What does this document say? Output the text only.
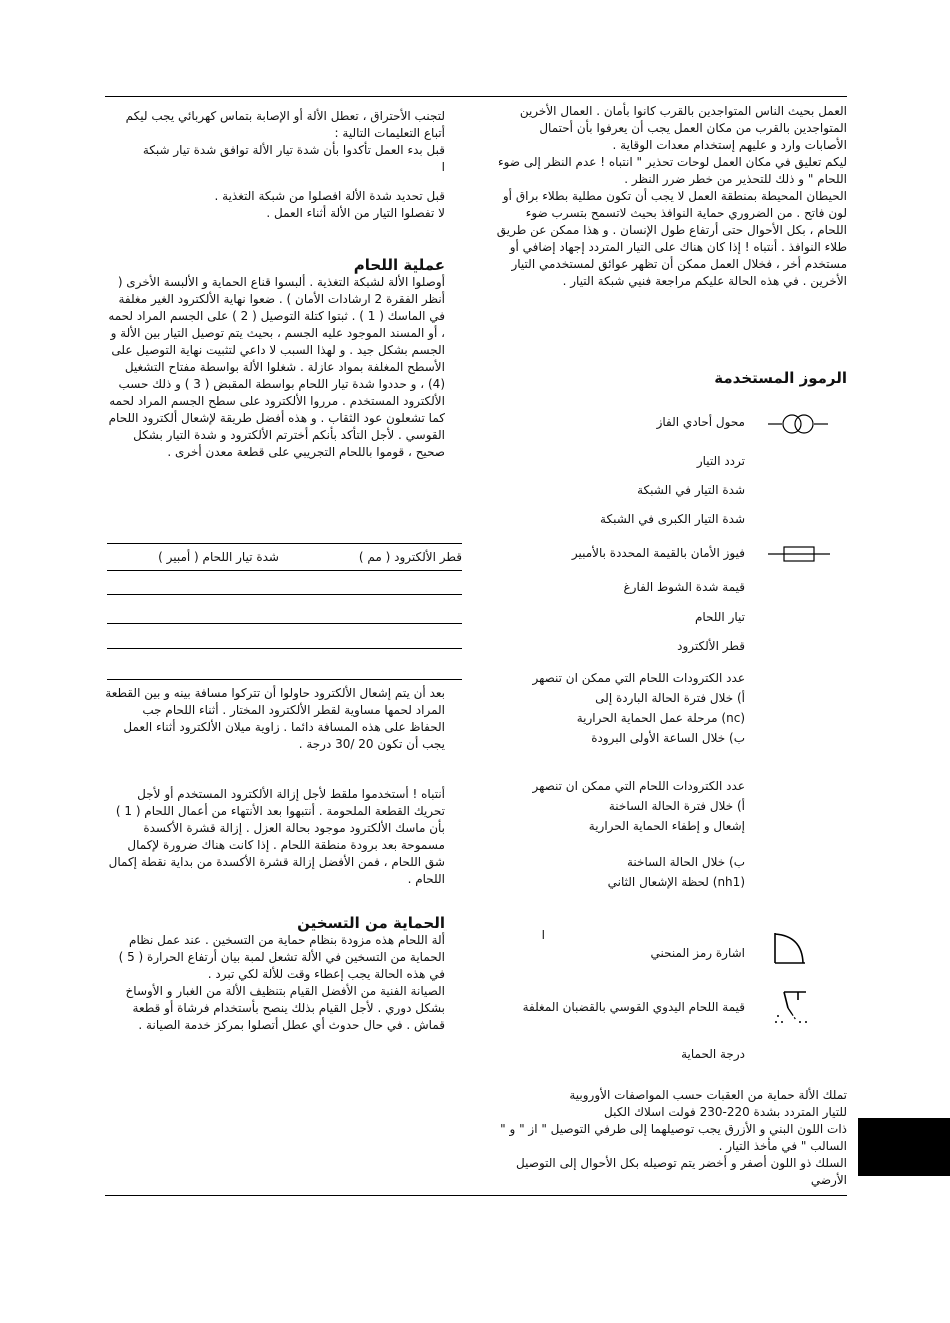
العمل بحيث الناس المتواجدين بالقرب كانوا بأمان . العمال الأخرين المتواجدين بالقرب من مكان العمل يجب أن يعرفوا بأن أحتمال الأصابات وارد و عليهم إستخدام معدات الوقاية .

ليكم تعليق في مكان العمل لوحات تحذير " انتباه ! عدم النظر إلى ضوء اللحام " و ذلك للتحذير من خطر ضرر النظر .

الحيطان المحيطة بمنطقة العمل لا يجب أن تكون مطلية بطلاء براق أو لون فاتح . من الضروري حماية النوافذ بحيث لاتسمح بتسرب ضوء اللحام ، بكل الأحوال حتى أرتفاع طول الإنسان . و هذا ممكن عن طريق طلاء النوافذ . أنتباه ! إذا كان هناك على التيار المتردد إجهاد إضافي أو مستخدم أخر ، فخلال العمل ممكن أن تظهر عوائق لمستخدمي التيار الأخرين . في هذه الحالة عليكم مراجعة فنيي شبكة التيار .

الرموز المستخدمة

محول أحادي الفاز
تردد التيار
شدة التيار في الشبكة
شدة التيار الكبرى في الشبكة
فيوز الأمان بالقيمة المحددة بالأمبير
قيمة شدة الشوط الفارغ
تيار اللحام
قطر الألكترود
عدد الكترودات اللحام التي ممكن ان تنصهر
أ) خلال فترة الحالة الباردة إلى
(nc) مرحلة عمل الحماية الحرارية
ب) خلال الساعة الأولى البرودة
عدد الكترودات اللحام التي ممكن ان تنصهر
أ) خلال فترة الحالة الساخنة
إشعال و إطفاء الحماية الحرارية
ب) خلال الحالة الساخنة
(nh1) لحظة الإشعال الثاني
ا
اشارة رمز المنحني
قيمة اللحام اليدوي القوسي بالقضبان المغلفة
درجة الحماية

تملك الألة حماية من العقبات حسب المواصفات الأوروبية

للتيار المتردد بشدة 220-230 فولت اسلاك الكبل

ذات اللون البني و الأزرق يجب توصيلهما إلى طرفي التوصيل " از " و " السالب " في مأخذ التيار .

السلك ذو اللون أصفر و أخضر يتم توصيله بكل الأحوال إلى التوصيل الأرضي

لتجنب الأحتراق ، تعطل الألة أو الإصابة بتماس كهربائي يجب ليكم أتباع التعليمات التالية :

قبل بدء العمل تأكدوا بأن شدة تيار الألة توافق شدة تيار شبكة

ا

قبل تحديد شدة الألة افصلوا من شبكة التغذية .

لا تفصلوا التيار من الألة أثناء العمل .

عملية اللحام

أوصلوا الألة لشبكة التغذية . ألبسوا قناع الحماية و الألبسة الأخرى ( أنظر الفقرة 2 ارشادات الأمان ) . ضعوا نهاية الألكترود الغير مغلفة في الماسك ( 1 ) . ثبتوا كتلة التوصيل ( 2 ) على الجسم المراد لحمه ، أو المسند الموجود عليه الجسم ، بحيث يتم توصيل التيار بين الألة و الجسم بشكل جيد . و لهذا السبب لا داعي لتثبيت نهاية التوصيل على الأسطح المغلفة بمواد عازلة . شغلوا الألة بواسطة مفتاح التشغيل (4) ، و حددوا شدة تيار اللحام بواسطة المقبض ( 3 ) و ذلك حسب الألكترود المستخدم . مرروا الألكترود على سطح الجسم المراد لحمه كما تشعلون عود الثقاب . و هذه أفضل طريقة لإشعال ألكترود اللحام القوسي . لأجل التأكد بأنكم أخترتم الألكترود و شدة التيار بشكل صحيح ، قوموا باللحام التجريبي على قطعة معدن أخرى .

قطر الألكترود ( مم )
شدة تيار اللحام ( أمبير )

بعد أن يتم إشعال الألكترود حاولوا أن تتركوا مسافة بينه و بين القطعة المراد لحمها مساوية لقطر الألكترود المختار . أثناء اللحام جب الحفاظ على هذه المسافة دائما . زاوية ميلان الألكترود أثناء العمل يجب أن تكون 20 /30 درجة .

أنتباه ! أستخدموا ملقط لأجل إزالة الألكترود المستخدم أو لأجل تحريك القطعة الملحومة . أنتبهوا بعد الأنتهاء من أعمال اللحام ( 1 ) بأن ماسك الألكترود موجود بحالة العزل . إزالة قشرة الأكسدة مسموحة بعد برودة منطقة اللحام . إذا كانت هناك ضرورة لإكمال شق اللحام ، فمن الأفضل إزالة قشرة الأكسدة من بداية نقطة إكمال اللحام .

الحماية من التسخين

ألة اللحام هذه مزودة بنظام حماية من التسخين . عند عمل نظام الحماية من التسخين في الألة تشعل لمبة بيان أرتفاع الحرارة ( 5 ) في هذه الحالة يجب إعطاء وقت للألة لكي تبرد .

الصيانة الفنية من الأفضل القيام بتنظيف الألة من الغبار و الأوساخ بشكل دوري . لأجل القيام بذلك ينصح بأستخدام فرشاة أو قطعة قماش . في حال حدوث أي عطل أتصلوا بمركز خدمة الصيانة .
